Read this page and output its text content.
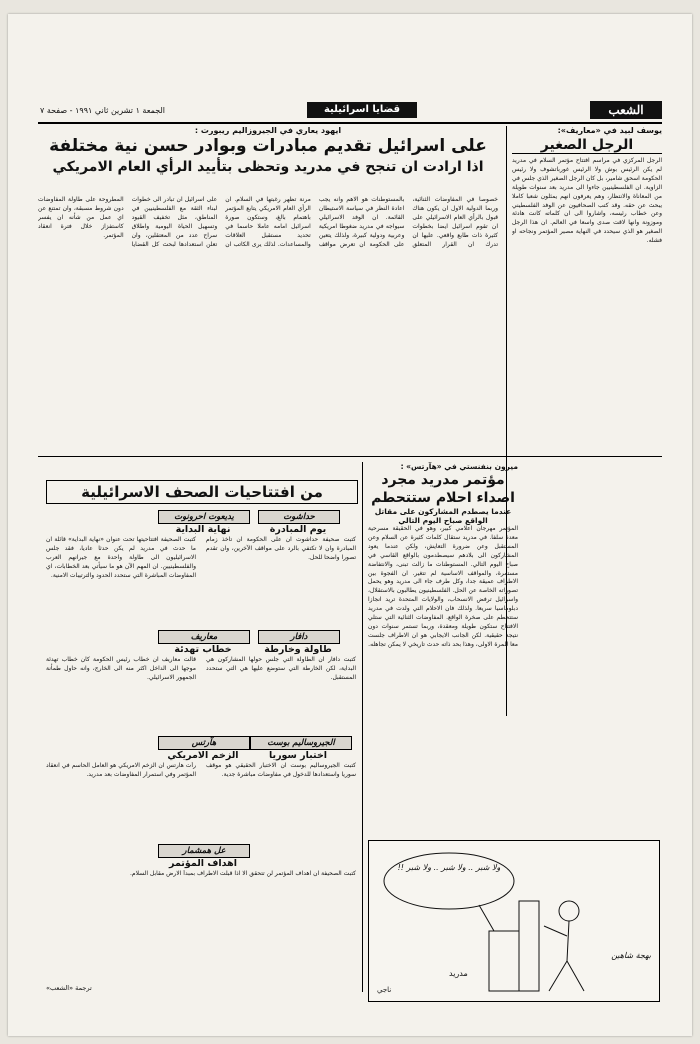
الشعب
قضايا اسرائيلية
الجمعة ١ تشرين ثاني ١٩٩١ - صفحة ٧
يوسف لبيد في «معاريف»:
الرجل الصغير
الرجل المركزي في مراسم افتتاح مؤتمر السلام في مدريد لم يكن الرئيس بوش ولا الرئيس غورباتشوف ولا رئيس الحكومة اسحق شامير، بل كان الرجل الصغير الذي جلس في الزاوية. ان الفلسطينيين جاءوا الى مدريد بعد سنوات طويلة من المعاناة والانتظار، وهم يعرفون انهم يمثلون شعبا كاملا يبحث عن حقه. وقد كتب الصحافيون عن الوفد الفلسطيني وعن خطاب رئيسه، واشاروا الى ان كلماته كانت هادئة وموزونة وانها لاقت صدى واسعا في العالم. ان هذا الرجل الصغير هو الذي سيحدد في النهاية مصير المؤتمر ونجاحه او فشله.
ايهود يعاري في الجيروزاليم ريبورت :
على اسرائيل تقديم مبادرات وبوادر حسن نية مختلفة
اذا ارادت ان تنجح في مدريد وتحظى بتأييد الرأي العام الامريكي
خصوصا في المفاوضات الثنائية، وربما الدولية الاول ان يكون هناك قبول بالرأي العام الاسرائيلي على ان تقوم اسرائيل ايضا بخطوات كثيرة ذات طابع واقعي. عليها ان تدرك ان القرار المتعلق بالمستوطنات هو الاهم وانه يجب اعادة النظر في سياسة الاستيطان القائمة. ان الوفد الاسرائيلي سيواجه في مدريد ضغوطا امريكية وعربية ودولية كبيرة، ولذلك يتعين على الحكومة ان تعرض مواقف مرنة تظهر رغبتها في السلام. ان الرأي العام الامريكي يتابع المؤتمر باهتمام بالغ، وستكون صورة اسرائيل امامه عاملا حاسما في تحديد مستقبل العلاقات والمساعدات. لذلك يرى الكاتب ان على اسرائيل ان تبادر الى خطوات لبناء الثقة مع الفلسطينيين في المناطق، مثل تخفيف القيود وتسهيل الحياة اليومية واطلاق سراح عدد من المعتقلين، وان تعلن استعدادها لبحث كل القضايا المطروحة على طاولة المفاوضات دون شروط مسبقة، وان تمتنع عن اي عمل من شأنه ان يفسر كاستفزاز خلال فترة انعقاد المؤتمر.
من افتتاحيات الصحف الاسرائيلية
يديعوت احرونوت
نهاية البداية
كتبت الصحيفة افتتاحيتها تحت عنوان «نهاية البداية» قائلة ان ما حدث في مدريد لم يكن حدثا عاديا، فقد جلس الاسرائيليون الى طاولة واحدة مع جيرانهم العرب والفلسطينيين. ان المهم الآن هو ما سيأتي بعد الخطابات، اي المفاوضات المباشرة التي ستحدد الحدود والترتيبات الامنية.
حداشوت
يوم المبادرة
كتبت صحيفة حداشوت ان على الحكومة ان تأخذ زمام المبادرة وان لا تكتفي بالرد على مواقف الآخرين، وان تقدم تصورا واضحا للحل.
معاريف
خطاب تهدئة
قالت معاريف ان خطاب رئيس الحكومة كان خطاب تهدئة موجها الى الداخل اكثر منه الى الخارج، وانه حاول طمأنة الجمهور الاسرائيلي.
دافار
طاولة وخارطة
كتبت دافار ان الطاولة التي جلس حولها المشاركون هي البداية، لكن الخارطة التي ستوضع عليها هي التي ستحدد المستقبل.
هآرتس
الزخم الامريكي
رأت هآرتس ان الزخم الامريكي هو العامل الحاسم في انعقاد المؤتمر وفي استمرار المفاوضات بعد مدريد.
الجيروساليم بوست
اختبار سوريا
كتبت الجيروساليم بوست ان الاختبار الحقيقي هو موقف سوريا واستعدادها للدخول في مفاوضات مباشرة جدية.
عل همشمار
اهداف المؤتمر
كتبت الصحيفة ان اهداف المؤتمر لن تتحقق الا اذا قبلت الاطراف بمبدأ الارض مقابل السلام.
ترجمة «الشعب»
ميرون بنفنستي في «هآرتس» :
مؤتمر مدريد مجرد اصداء احلام ستتحطم
عندما يصطدم المشاركون على مقاتل الواقع صباح اليوم التالي
المؤتمر مهرجان اعلامي كبير، وهو في الحقيقة مسرحية معدة سلفا. في مدريد ستقال كلمات كثيرة عن السلام وعن المستقبل وعن ضرورة التعايش، ولكن عندما يعود المشاركون الى بلادهم سيصطدمون بالواقع القاسي في صباح اليوم التالي. المستوطنات ما زالت تبنى، والانتفاضة مستمرة، والمواقف الاساسية لم تتغير. ان الفجوة بين الاطراف عميقة جدا، وكل طرف جاء الى مدريد وهو يحمل تصوراته الخاصة عن الحل. الفلسطينيون يطالبون بالاستقلال، واسرائيل ترفض الانسحاب، والولايات المتحدة تريد انجازا دبلوماسيا سريعا. ولذلك فان الاحلام التي ولدت في مدريد ستتحطم على صخرة الواقع. المفاوضات الثنائية التي ستلي الافتتاح ستكون طويلة ومعقدة، وربما تستمر سنوات دون نتيجة حقيقية. لكن الجانب الايجابي هو ان الاطراف جلست معا للمرة الاولى، وهذا بحد ذاته حدث تاريخي لا يمكن تجاهله.
ولا شبر .. ولا شبر .. ولا شبر !!
مدريد
بهجة شاهين
ناجي
